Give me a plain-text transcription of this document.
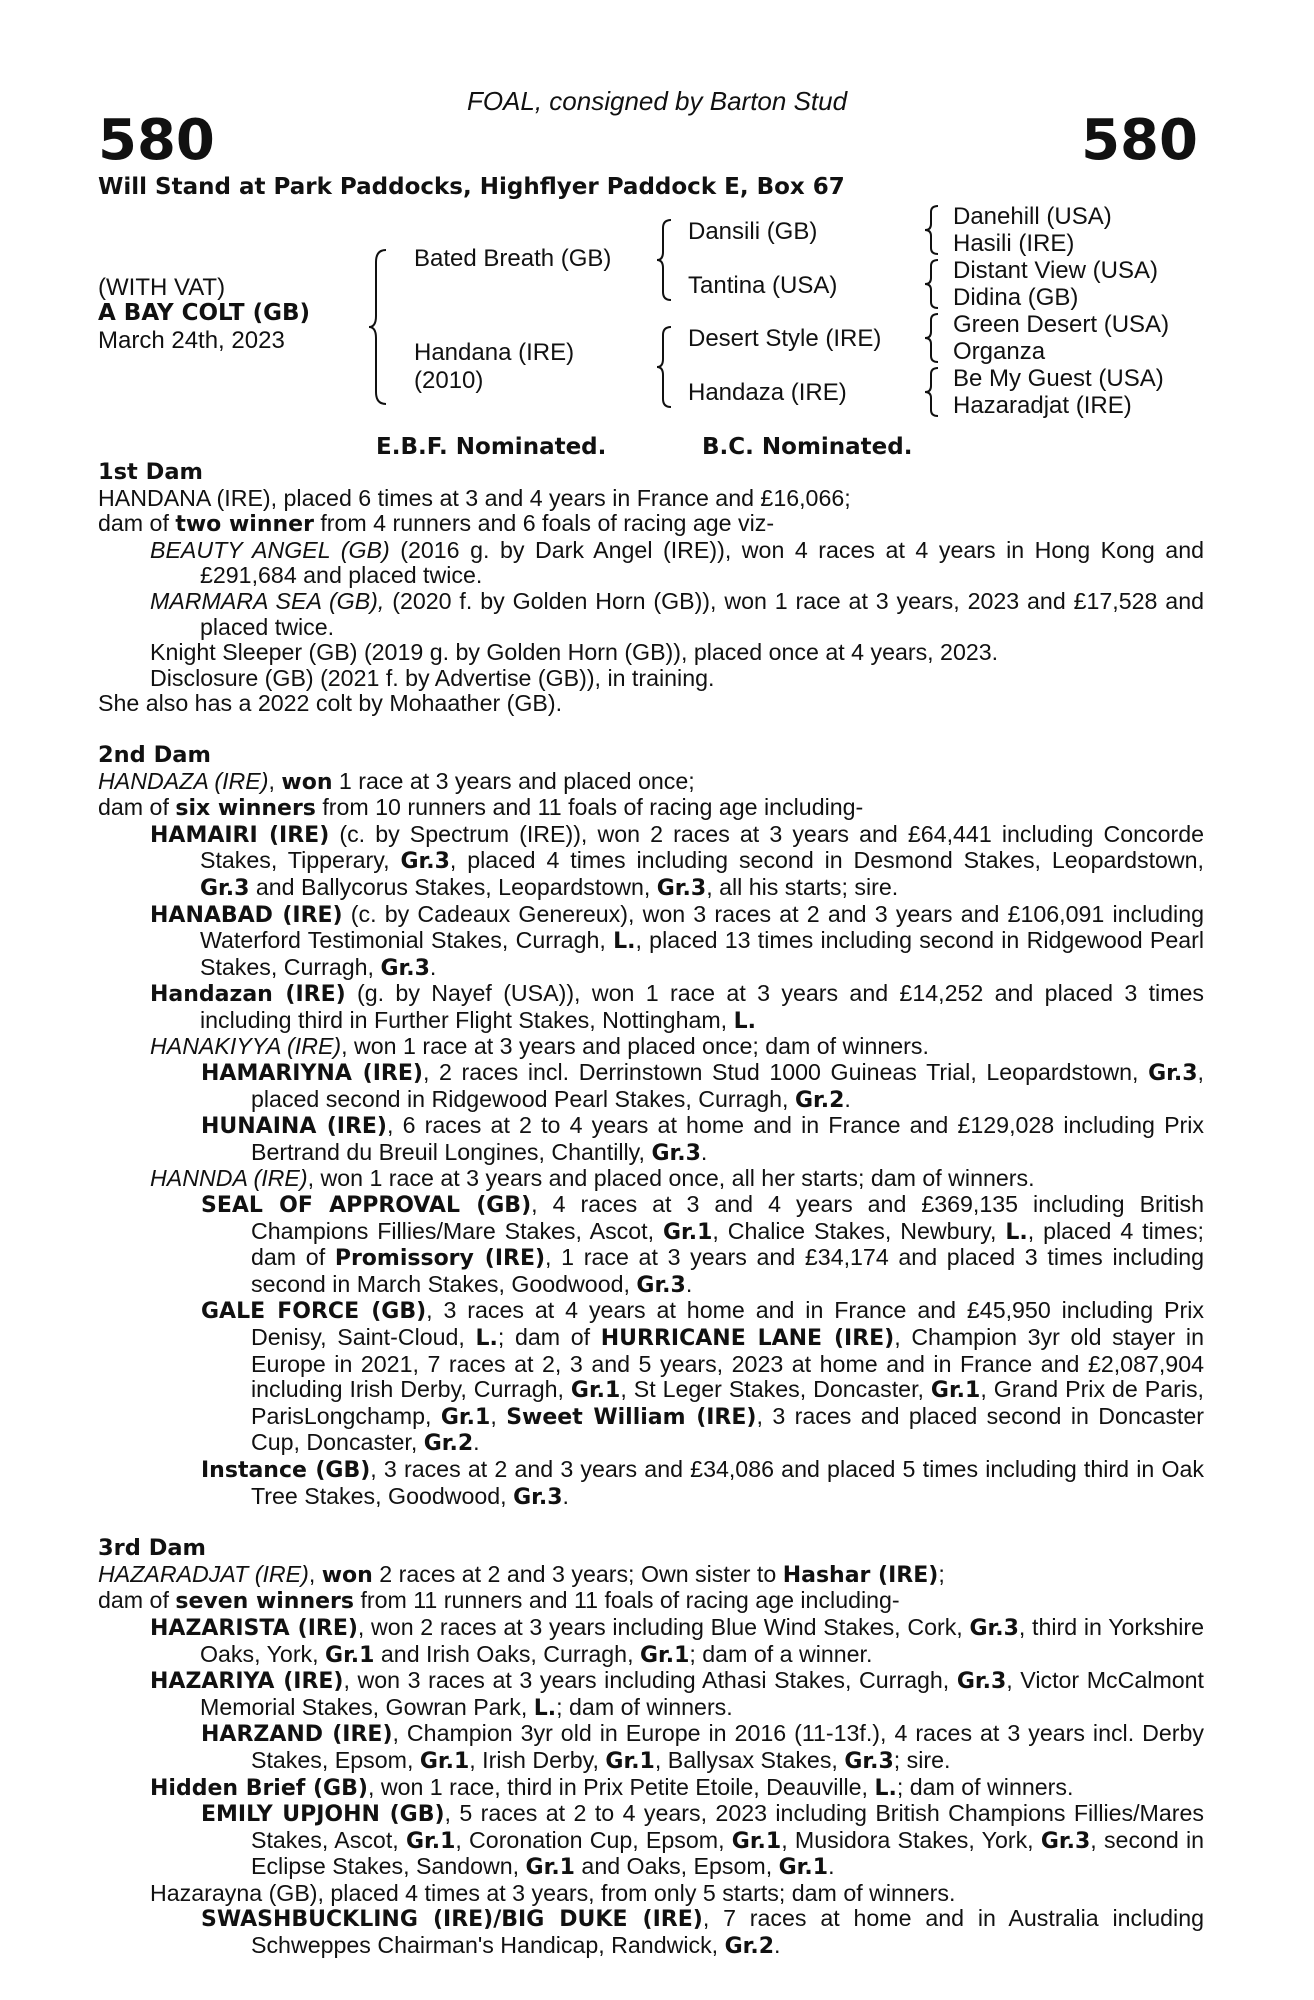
FOAL, consigned by Barton Stud
580	580
Will Stand at Park Paddocks, Highflyer Paddock E, Box 67
(WITH VAT)
A BAY COLT (GB)
March 24th, 2023
Bated Breath (GB)
Handana (IRE)
(2010)
Dansili (GB)
Tantina (USA)
Desert Style (IRE)
Handaza (IRE)
Danehill (USA)
Hasili (IRE)
Distant View (USA)
Didina (GB)
Green Desert (USA)
Organza
Be My Guest (USA)
Hazaradjat (IRE)
E.B.F. Nominated.	B.C. Nominated.

1st Dam

HANDANA (IRE), placed 6 times at 3 and 4 years in France and £16,066;

dam of two winner from 4 runners and 6 foals of racing age viz-

BEAUTY ANGEL (GB) (2016 g. by Dark Angel (IRE)), won 4 races at 4 years in Hong Kong and £291,684 and placed twice.

MARMARA SEA (GB), (2020 f. by Golden Horn (GB)), won 1 race at 3 years, 2023 and £17,528 and placed twice.

Knight Sleeper (GB) (2019 g. by Golden Horn (GB)), placed once at 4 years, 2023.

Disclosure (GB) (2021 f. by Advertise (GB)), in training.

She also has a 2022 colt by Mohaather (GB).

2nd Dam

HANDAZA (IRE), won 1 race at 3 years and placed once;

dam of six winners from 10 runners and 11 foals of racing age including-

HAMAIRI (IRE) (c. by Spectrum (IRE)), won 2 races at 3 years and £64,441 including Concorde Stakes, Tipperary, Gr.3, placed 4 times including second in Desmond Stakes, Leopardstown, Gr.3 and Ballycorus Stakes, Leopardstown, Gr.3, all his starts; sire.

HANABAD (IRE) (c. by Cadeaux Genereux), won 3 races at 2 and 3 years and £106,091 including Waterford Testimonial Stakes, Curragh, L., placed 13 times including second in Ridgewood Pearl Stakes, Curragh, Gr.3.

Handazan (IRE) (g. by Nayef (USA)), won 1 race at 3 years and £14,252 and placed 3 times including third in Further Flight Stakes, Nottingham, L.

HANAKIYYA (IRE), won 1 race at 3 years and placed once; dam of winners.

HAMARIYNA (IRE), 2 races incl. Derrinstown Stud 1000 Guineas Trial, Leopardstown, Gr.3, placed second in Ridgewood Pearl Stakes, Curragh, Gr.2.

HUNAINA (IRE), 6 races at 2 to 4 years at home and in France and £129,028 including Prix Bertrand du Breuil Longines, Chantilly, Gr.3.

HANNDA (IRE), won 1 race at 3 years and placed once, all her starts; dam of winners.

SEAL OF APPROVAL (GB), 4 races at 3 and 4 years and £369,135 including British Champions Fillies/Mare Stakes, Ascot, Gr.1, Chalice Stakes, Newbury, L., placed 4 times; dam of Promissory (IRE), 1 race at 3 years and £34,174 and placed 3 times including second in March Stakes, Goodwood, Gr.3.

GALE FORCE (GB), 3 races at 4 years at home and in France and £45,950 including Prix Denisy, Saint-Cloud, L.; dam of HURRICANE LANE (IRE), Champion 3yr old stayer in Europe in 2021, 7 races at 2, 3 and 5 years, 2023 at home and in France and £2,087,904 including Irish Derby, Curragh, Gr.1, St Leger Stakes, Doncaster, Gr.1, Grand Prix de Paris, ParisLongchamp, Gr.1, Sweet William (IRE), 3 races and placed second in Doncaster Cup, Doncaster, Gr.2.

Instance (GB), 3 races at 2 and 3 years and £34,086 and placed 5 times including third in Oak Tree Stakes, Goodwood, Gr.3.

3rd Dam

HAZARADJAT (IRE), won 2 races at 2 and 3 years; Own sister to Hashar (IRE);

dam of seven winners from 11 runners and 11 foals of racing age including-

HAZARISTA (IRE), won 2 races at 3 years including Blue Wind Stakes, Cork, Gr.3, third in Yorkshire Oaks, York, Gr.1 and Irish Oaks, Curragh, Gr.1; dam of a winner.

HAZARIYA (IRE), won 3 races at 3 years including Athasi Stakes, Curragh, Gr.3, Victor McCalmont Memorial Stakes, Gowran Park, L.; dam of winners.

HARZAND (IRE), Champion 3yr old in Europe in 2016 (11-13f.), 4 races at 3 years incl. Derby Stakes, Epsom, Gr.1, Irish Derby, Gr.1, Ballysax Stakes, Gr.3; sire.

Hidden Brief (GB), won 1 race, third in Prix Petite Etoile, Deauville, L.; dam of winners.

EMILY UPJOHN (GB), 5 races at 2 to 4 years, 2023 including British Champions Fillies/Mares Stakes, Ascot, Gr.1, Coronation Cup, Epsom, Gr.1, Musidora Stakes, York, Gr.3, second in Eclipse Stakes, Sandown, Gr.1 and Oaks, Epsom, Gr.1.

Hazarayna (GB), placed 4 times at 3 years, from only 5 starts; dam of winners.

SWASHBUCKLING (IRE)/BIG DUKE (IRE), 7 races at home and in Australia including Schweppes Chairman's Handicap, Randwick, Gr.2.
